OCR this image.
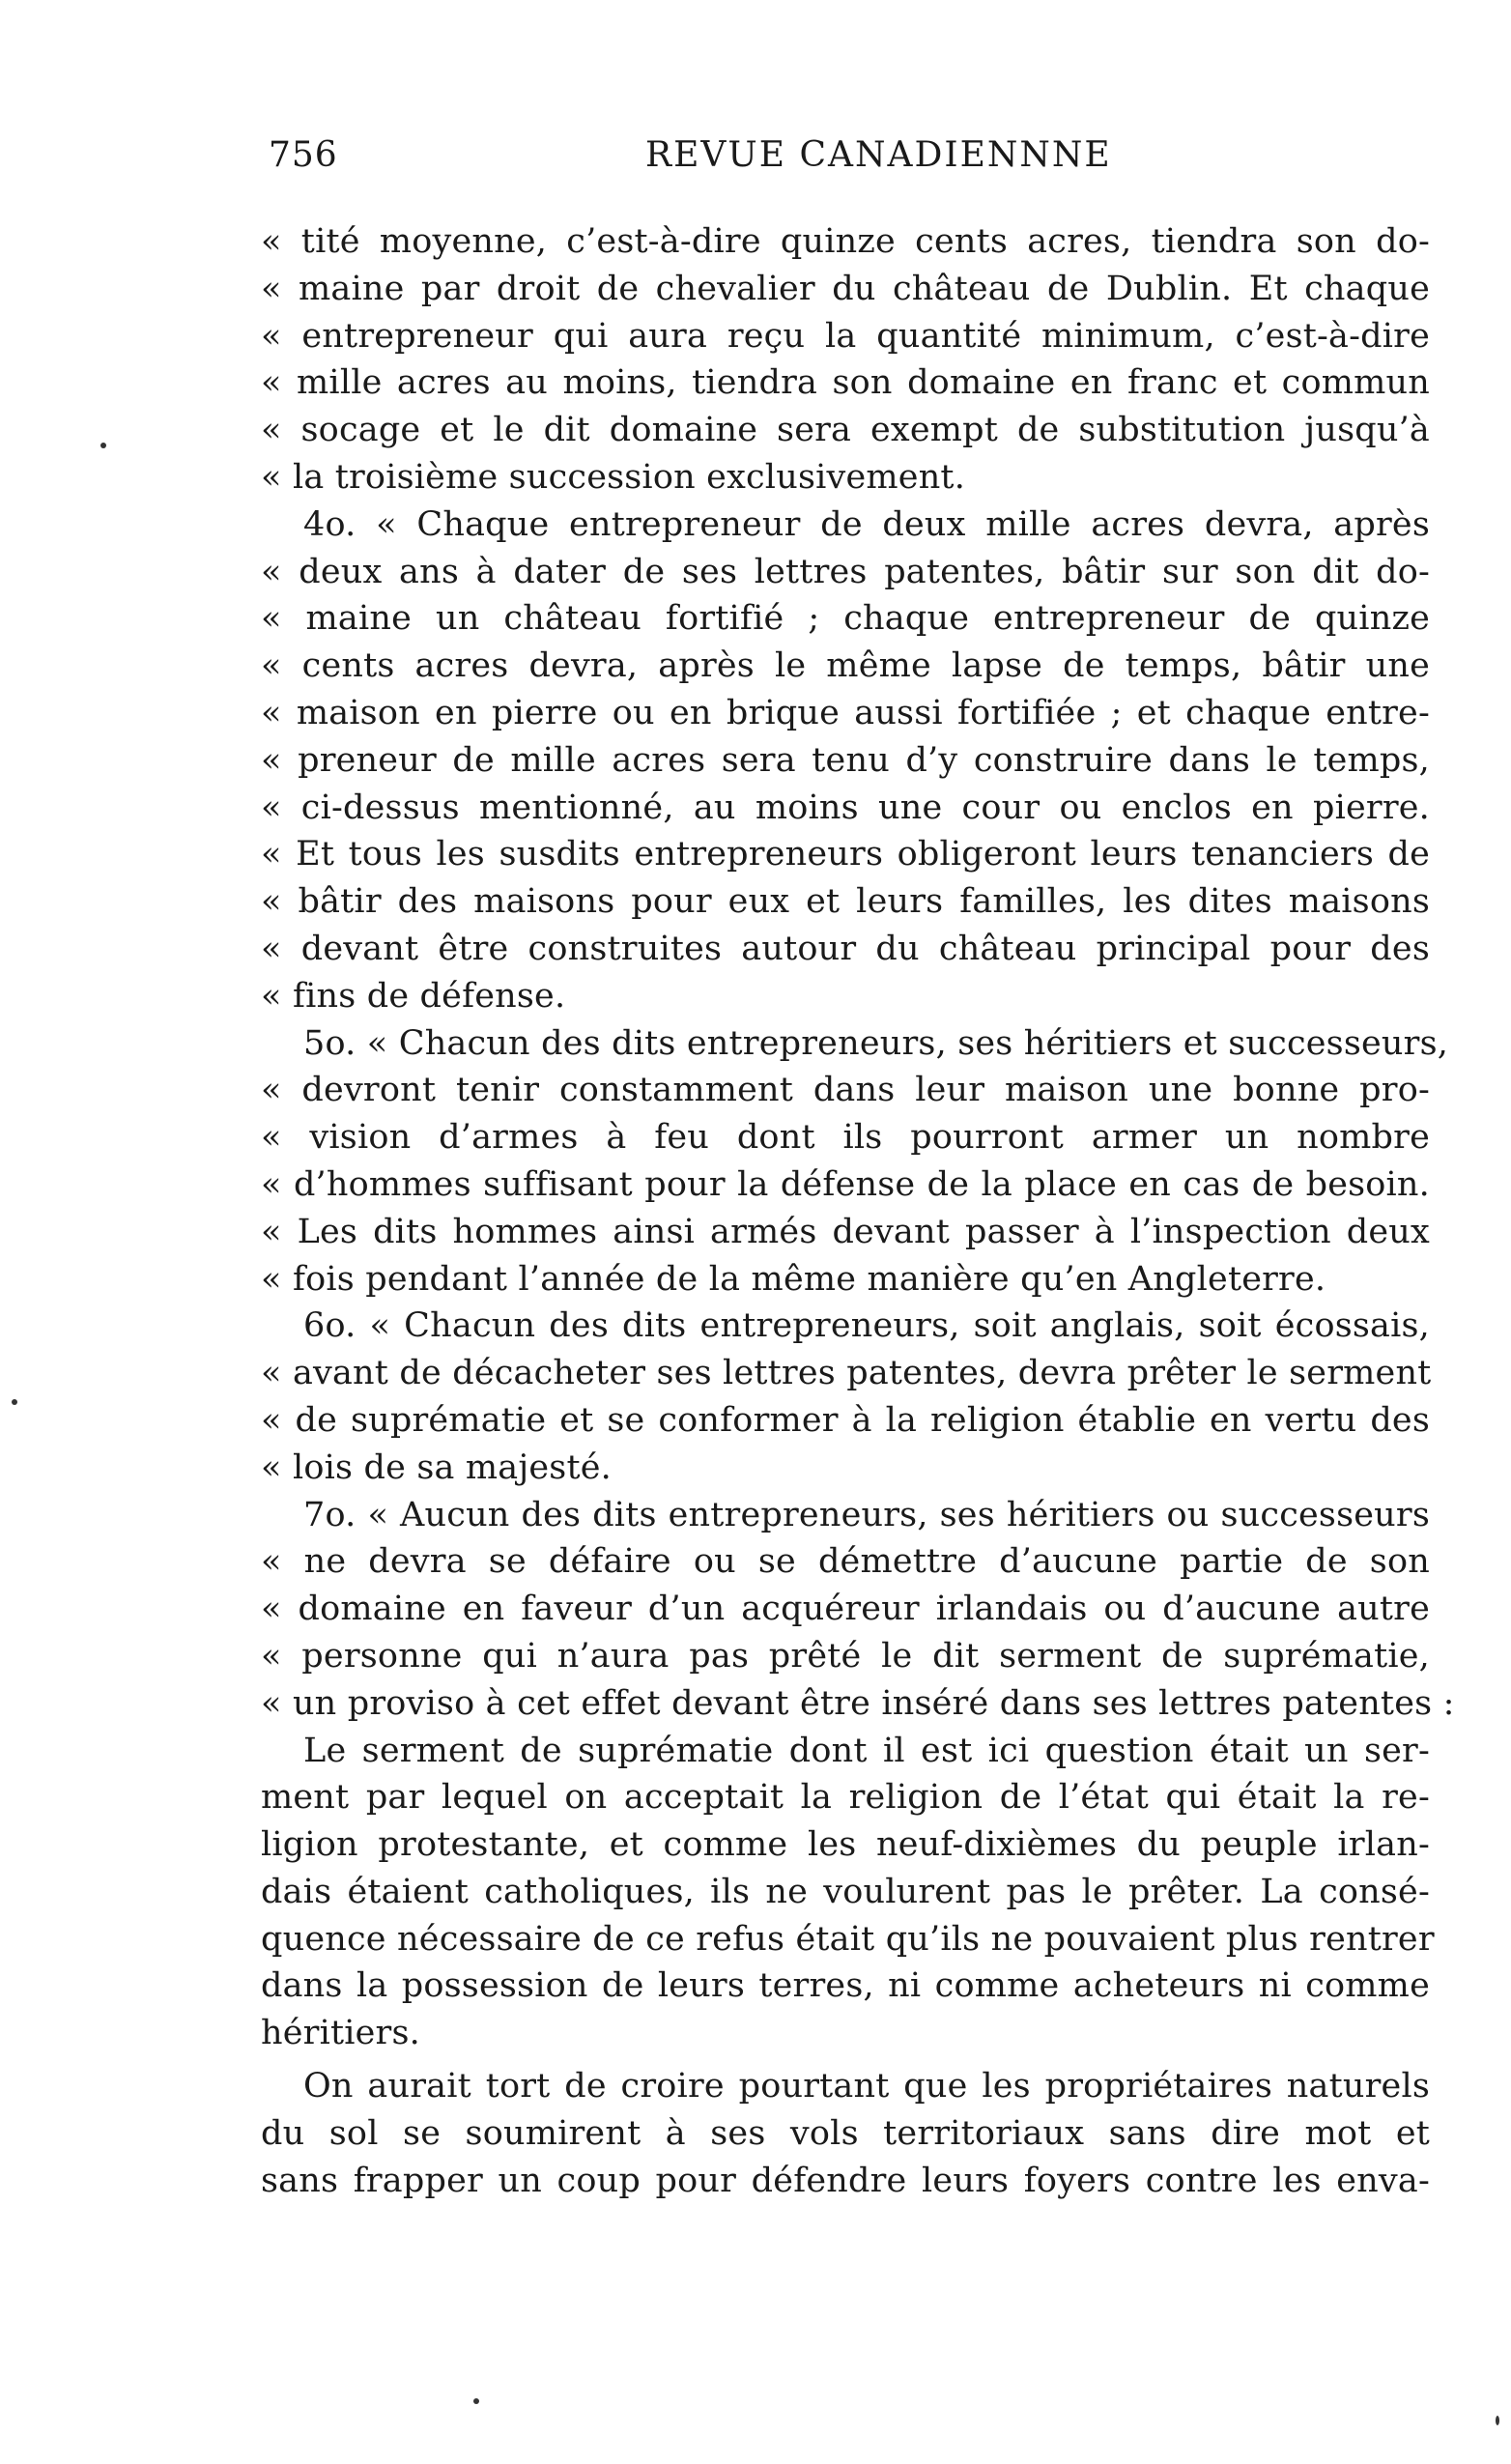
756	REVUE CANADIENNNE
« tité moyenne, c’est-à-dire quinze cents acres, tiendra son do-
« maine par droit de chevalier du château de Dublin. Et chaque
« entrepreneur qui aura reçu la quantité minimum, c’est-à-dire
« mille acres au moins, tiendra son domaine en franc et commun
« socage et le dit domaine sera exempt de substitution jusqu’à
« la troisième succession exclusivement.
4o. « Chaque entrepreneur de deux mille acres devra, après
« deux ans à dater de ses lettres patentes, bâtir sur son dit do-
« maine un château fortifié ; chaque entrepreneur de quinze
« cents acres devra, après le même lapse de temps, bâtir une
« maison en pierre ou en brique aussi fortifiée ; et chaque entre-
« preneur de mille acres sera tenu d’y construire dans le temps,
« ci-dessus mentionné, au moins une cour ou enclos en pierre.
« Et tous les susdits entrepreneurs obligeront leurs tenanciers de
« bâtir des maisons pour eux et leurs familles, les dites maisons
« devant être construites autour du château principal pour des
« fins de défense.
5o. « Chacun des dits entrepreneurs, ses héritiers et successeurs,
« devront tenir constamment dans leur maison une bonne pro-
« vision d’armes à feu dont ils pourront armer un nombre
« d’hommes suffisant pour la défense de la place en cas de besoin.
« Les dits hommes ainsi armés devant passer à l’inspection deux
« fois pendant l’année de la même manière qu’en Angleterre.
6o. « Chacun des dits entrepreneurs, soit anglais, soit écossais,
« avant de décacheter ses lettres patentes, devra prêter le serment
« de suprématie et se conformer à la religion établie en vertu des
« lois de sa majesté.
7o. « Aucun des dits entrepreneurs, ses héritiers ou successeurs
« ne devra se défaire ou se démettre d’aucune partie de son
« domaine en faveur d’un acquéreur irlandais ou d’aucune autre
« personne qui n’aura pas prêté le dit serment de suprématie,
« un proviso à cet effet devant être inséré dans ses lettres patentes :
Le serment de suprématie dont il est ici question était un ser-
ment par lequel on acceptait la religion de l’état qui était la re-
ligion protestante, et comme les neuf-dixièmes du peuple irlan-
dais étaient catholiques, ils ne voulurent pas le prêter. La consé-
quence nécessaire de ce refus était qu’ils ne pouvaient plus rentrer
dans la possession de leurs terres, ni comme acheteurs ni comme
héritiers.
On aurait tort de croire pourtant que les propriétaires naturels
du sol se soumirent à ses vols territoriaux sans dire mot et
sans frapper un coup pour défendre leurs foyers contre les enva-
